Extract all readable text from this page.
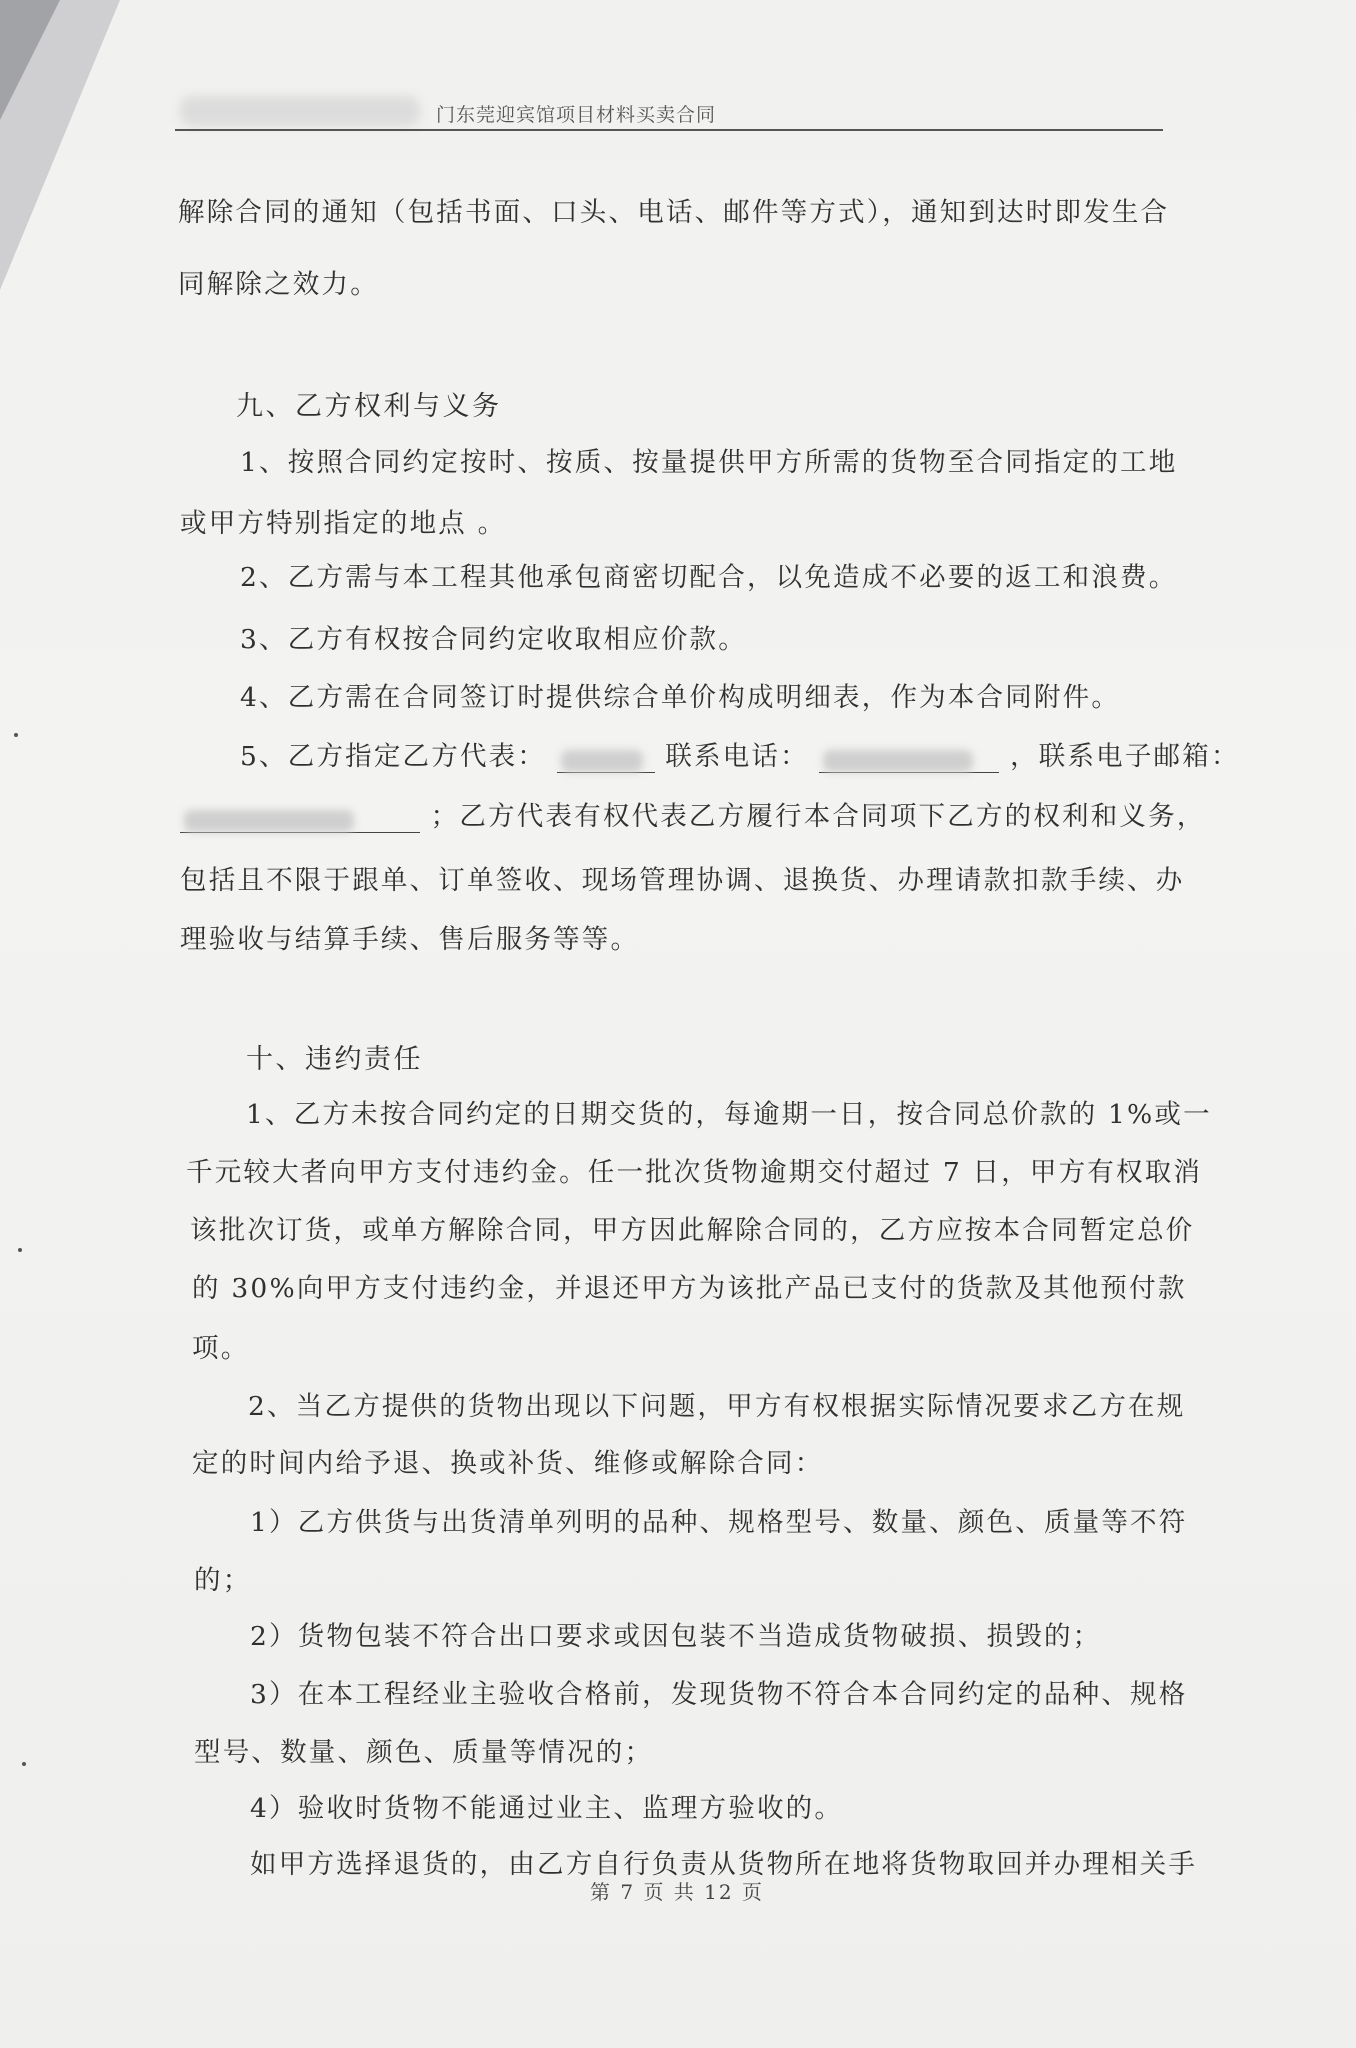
门东莞迎宾馆项目材料买卖合同
解除合同的通知（包括书面、口头、电话、邮件等方式），通知到达时即发生合
同解除之效力。
九、乙方权利与义务
1、按照合同约定按时、按质、按量提供甲方所需的货物至合同指定的工地
或甲方特别指定的地点 。
2、乙方需与本工程其他承包商密切配合，以免造成不必要的返工和浪费。
3、乙方有权按合同约定收取相应价款。
4、乙方需在合同签订时提供综合单价构成明细表，作为本合同附件。
5、乙方指定乙方代表：	联系电话：	，联系电子邮箱：
；乙方代表有权代表乙方履行本合同项下乙方的权利和义务，
包括且不限于跟单、订单签收、现场管理协调、退换货、办理请款扣款手续、办
理验收与结算手续、售后服务等等。
十、违约责任
1、乙方未按合同约定的日期交货的，每逾期一日，按合同总价款的 1%或一
千元较大者向甲方支付违约金。任一批次货物逾期交付超过 7 日，甲方有权取消
该批次订货，或单方解除合同，甲方因此解除合同的，乙方应按本合同暂定总价
的 30%向甲方支付违约金，并退还甲方为该批产品已支付的货款及其他预付款
项。
2、当乙方提供的货物出现以下问题，甲方有权根据实际情况要求乙方在规
定的时间内给予退、换或补货、维修或解除合同：
1）乙方供货与出货清单列明的品种、规格型号、数量、颜色、质量等不符
的；
2）货物包装不符合出口要求或因包装不当造成货物破损、损毁的；
3）在本工程经业主验收合格前，发现货物不符合本合同约定的品种、规格
型号、数量、颜色、质量等情况的；
4）验收时货物不能通过业主、监理方验收的。
如甲方选择退货的，由乙方自行负责从货物所在地将货物取回并办理相关手
第 7 页 共 12 页
